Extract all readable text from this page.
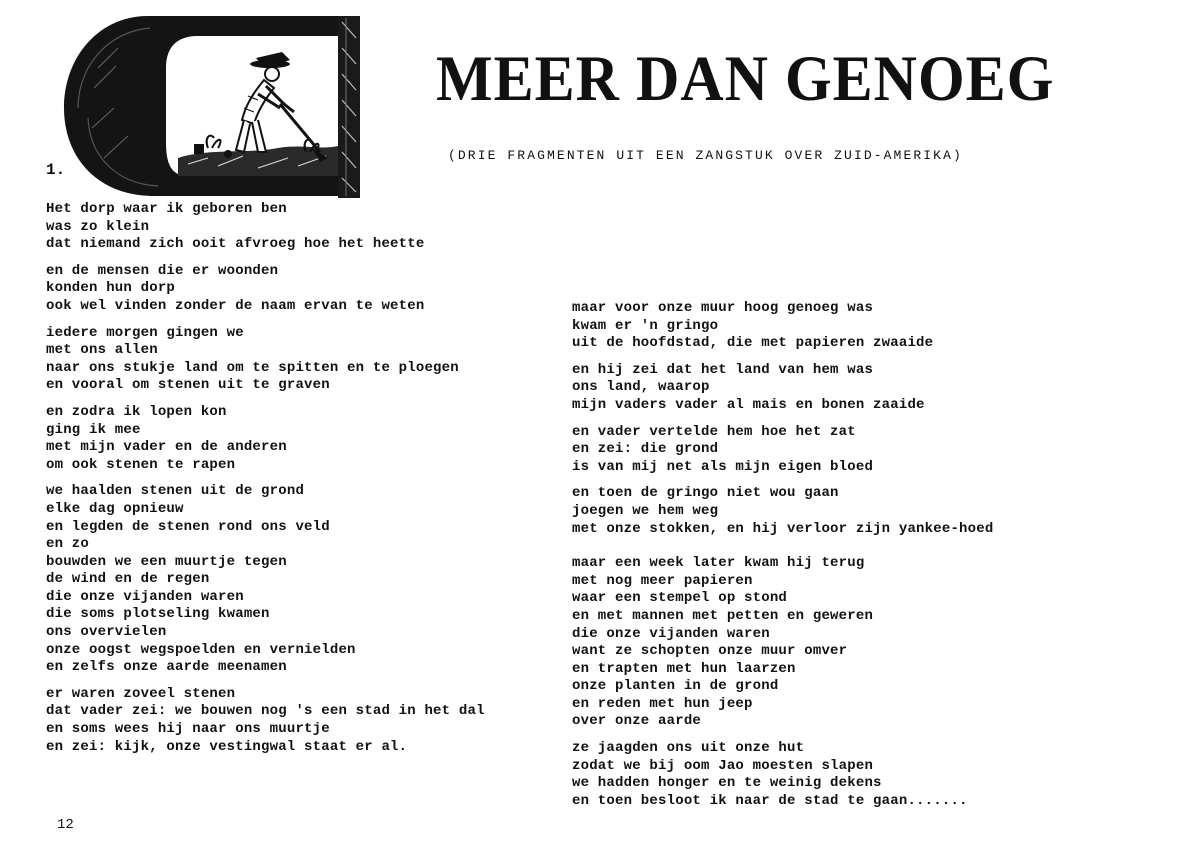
1.
MEER DAN GENOEG
(DRIE FRAGMENTEN UIT EEN ZANGSTUK OVER ZUID-AMERIKA)
Het dorp waar ik geboren ben
was zo klein
dat niemand zich ooit afvroeg hoe het heette
en de mensen die er woonden
konden hun dorp
ook wel vinden zonder de naam ervan te weten
iedere morgen gingen we
met ons allen
naar ons stukje land om te spitten en te ploegen
en vooral om stenen uit te graven
en zodra ik lopen kon
ging ik mee
met mijn vader en de anderen
om ook stenen te rapen
we haalden stenen uit de grond
elke dag opnieuw
en legden de stenen rond ons veld
en zo
bouwden we een muurtje tegen
de wind en de regen
die onze vijanden waren
die soms plotseling kwamen
ons overvielen
onze oogst wegspoelden en vernielden
en zelfs onze aarde meenamen
er waren zoveel stenen
dat vader zei: we bouwen nog 's een stad in het dal
en soms wees hij naar ons muurtje
en zei: kijk, onze vestingwal staat er al.
maar voor onze muur hoog genoeg was
kwam er 'n gringo
uit de hoofdstad, die met papieren zwaaide
en hij zei dat het land van hem was
ons land, waarop
mijn vaders vader al mais en bonen zaaide
en vader vertelde hem hoe het zat
en zei: die grond
is van mij net als mijn eigen bloed
en toen de gringo niet wou gaan
joegen we hem weg
met onze stokken, en hij verloor zijn yankee-hoed
maar een week later kwam hij terug
met nog meer papieren
waar een stempel op stond
en met mannen met petten en geweren
die onze vijanden waren
want ze schopten onze muur omver
en trapten met hun laarzen
onze planten in de grond
en reden met hun jeep
over onze aarde
ze jaagden ons uit onze hut
zodat we bij oom Jao moesten slapen
we hadden honger en te weinig dekens
en toen besloot ik naar de stad te gaan.......
12
